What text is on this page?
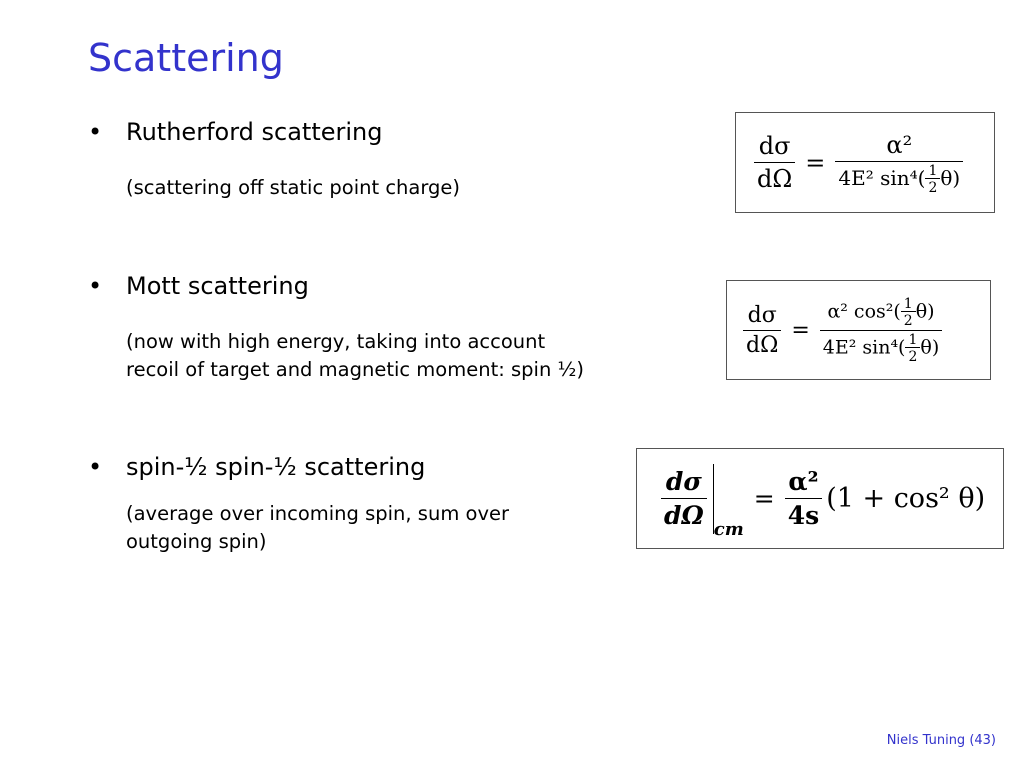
Scattering
• Rutherford scattering
(scattering off static point charge)	$\frac{d\sigma}{d\Omega} = \frac{\text{α²}}{4E^2 \sin^4( \frac{1}{2} \theta)}$
• Mott scattering
(now with high energy, taking into account
recoil of target and magnetic moment: spin ½)
$\frac{d\sigma}{d\Omega} = \frac{\alpha^2 \cos^2( \frac{1}{2} \theta)}{4E^2 \sin^4( \frac{1}{2} \theta)}$
• spin-½ spin-½ scattering
(average over incoming spin, sum over
outgoing spin)
$\frac{d\sigma}{d\Omega}$ cm
= $\frac{\text{α²}}{4s} (1 + \cos^2$ θ)
Niels Tuning (43)
